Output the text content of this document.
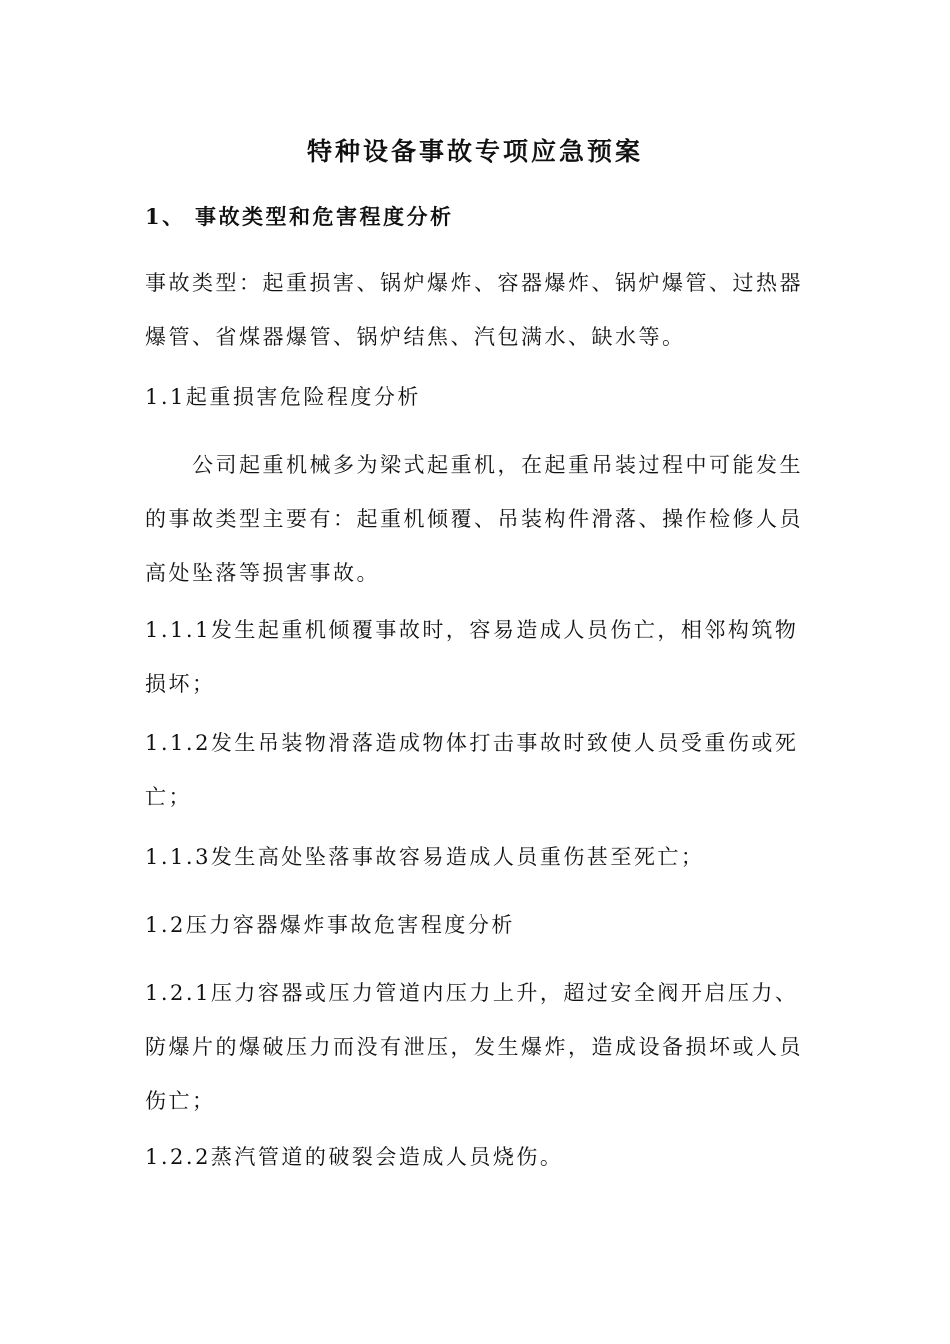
特种设备事故专项应急预案

1、 事故类型和危害程度分析

事故类型：起重损害、锅炉爆炸、容器爆炸、锅炉爆管、过热器爆管、省煤器爆管、锅炉结焦、汽包满水、缺水等。

1.1起重损害危险程度分析

公司起重机械多为梁式起重机，在起重吊装过程中可能发生的事故类型主要有：起重机倾覆、吊装构件滑落、操作检修人员高处坠落等损害事故。

1.1.1发生起重机倾覆事故时，容易造成人员伤亡，相邻构筑物损坏；

1.1.2发生吊装物滑落造成物体打击事故时致使人员受重伤或死亡；

1.1.3发生高处坠落事故容易造成人员重伤甚至死亡；

1.2压力容器爆炸事故危害程度分析

1.2.1压力容器或压力管道内压力上升，超过安全阀开启压力、防爆片的爆破压力而没有泄压，发生爆炸，造成设备损坏或人员伤亡；

1.2.2蒸汽管道的破裂会造成人员烧伤。
